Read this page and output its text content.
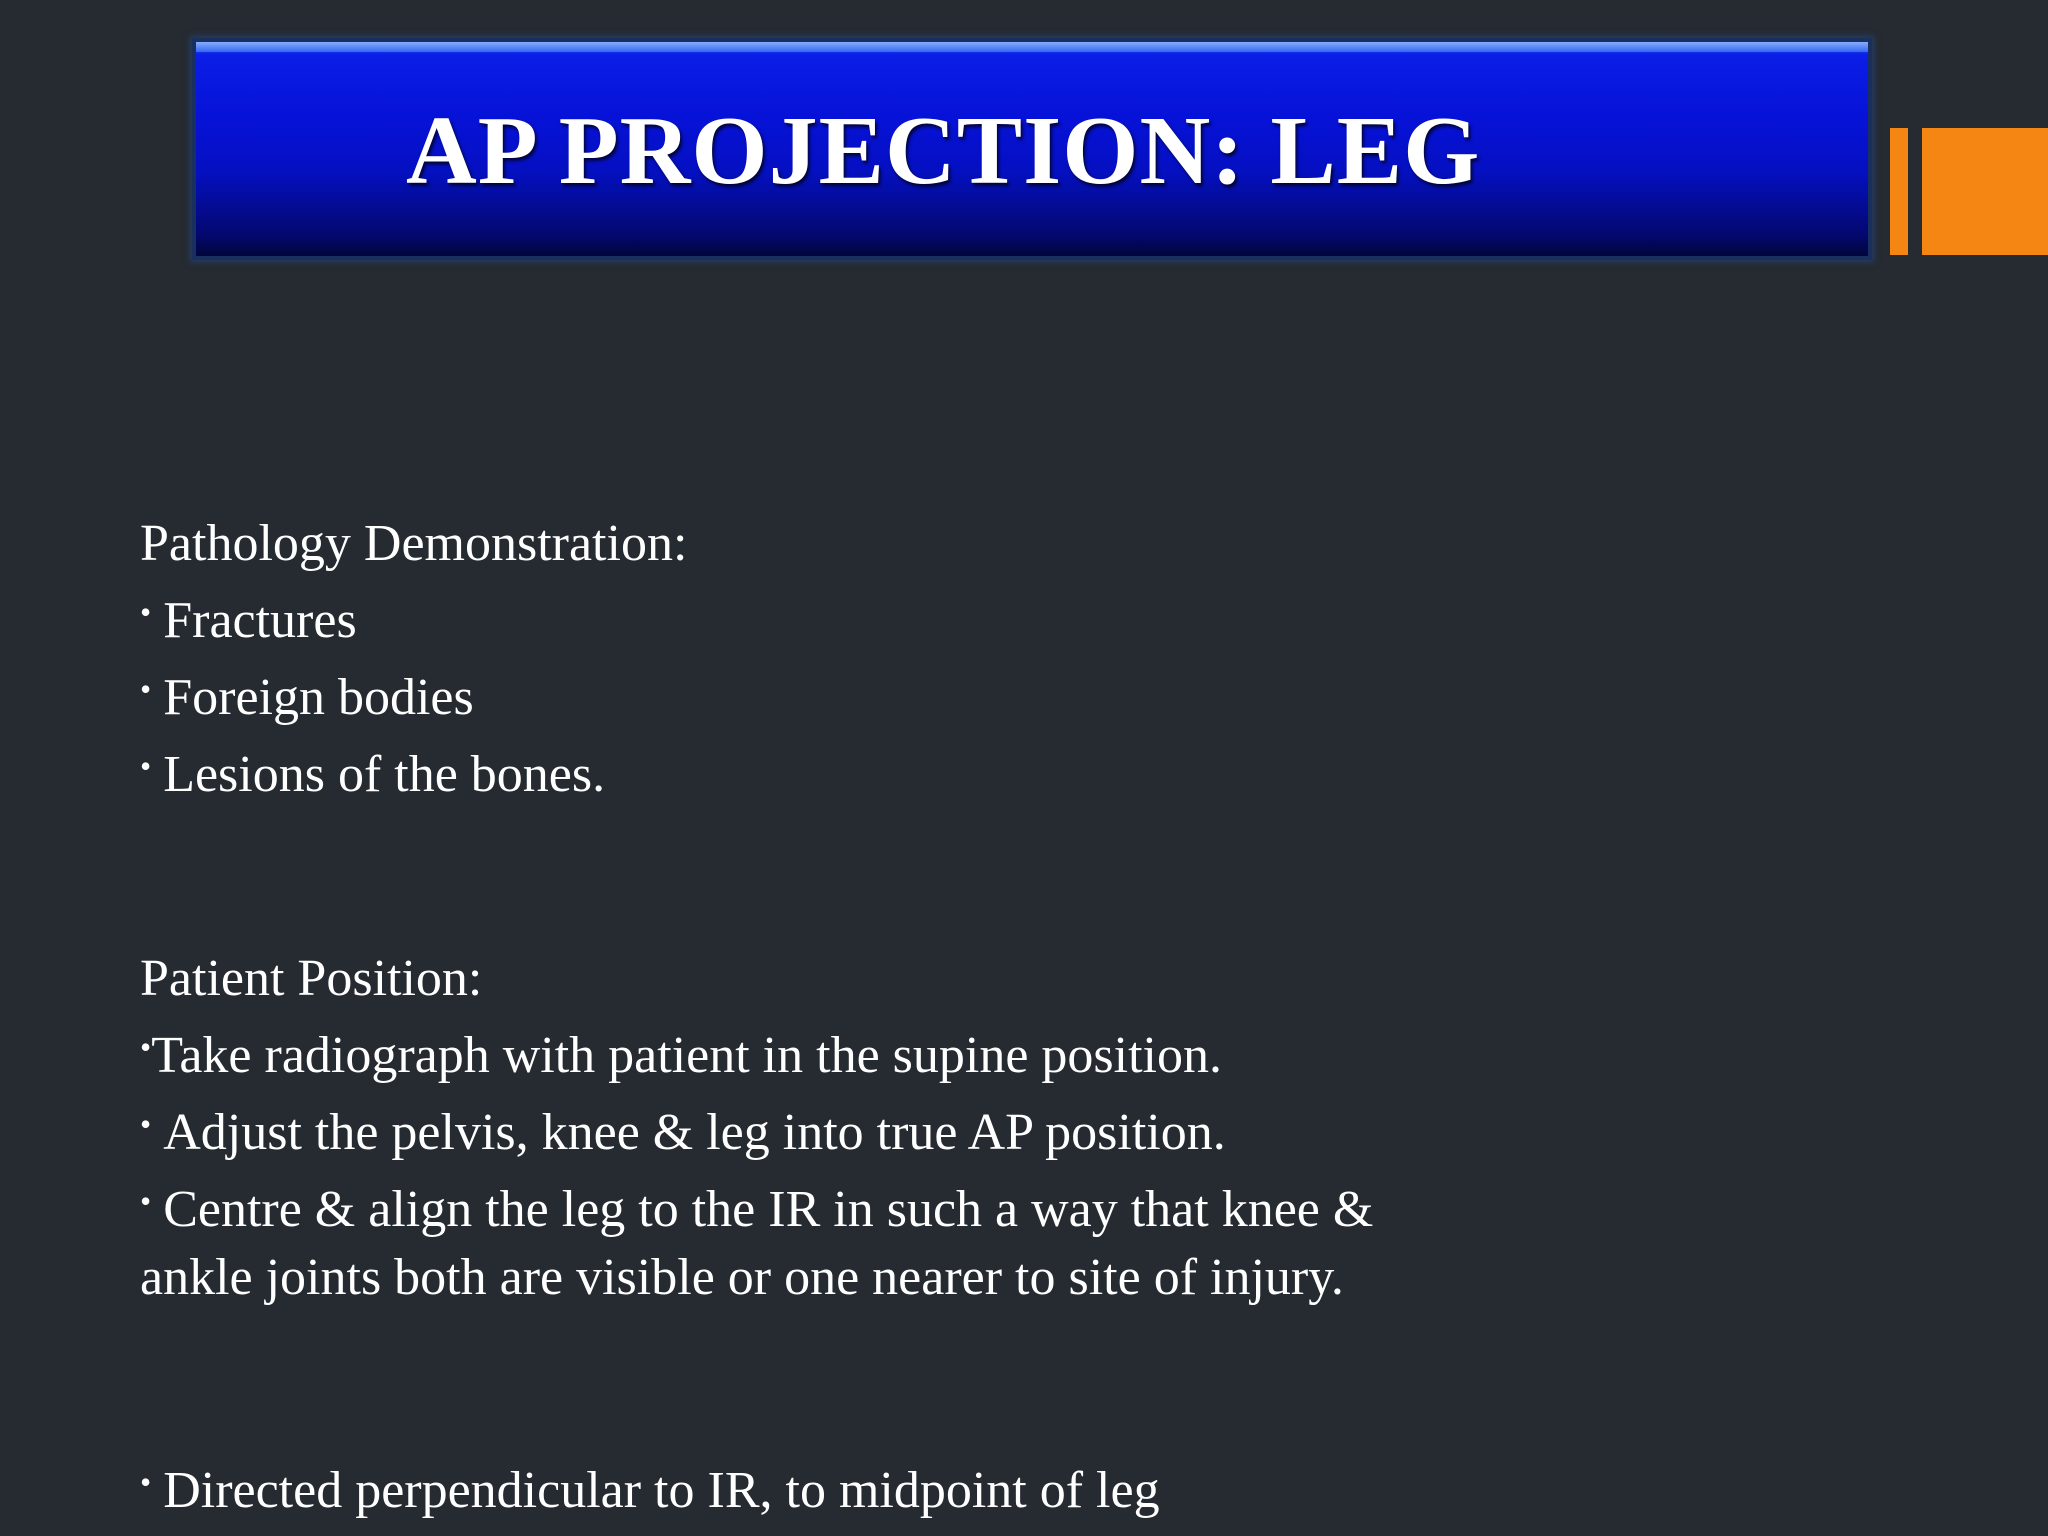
AP PROJECTION: LEG

Pathology Demonstration:

• Fractures

• Foreign bodies

• Lesions of the bones.

Patient Position:

•Take radiograph with patient in the supine position.

• Adjust the pelvis, knee & leg into true AP position.

• Centre & align the leg to the IR in such a way that knee &

ankle joints both are visible or one nearer to site of injury.

• Directed perpendicular to IR, to midpoint of leg
